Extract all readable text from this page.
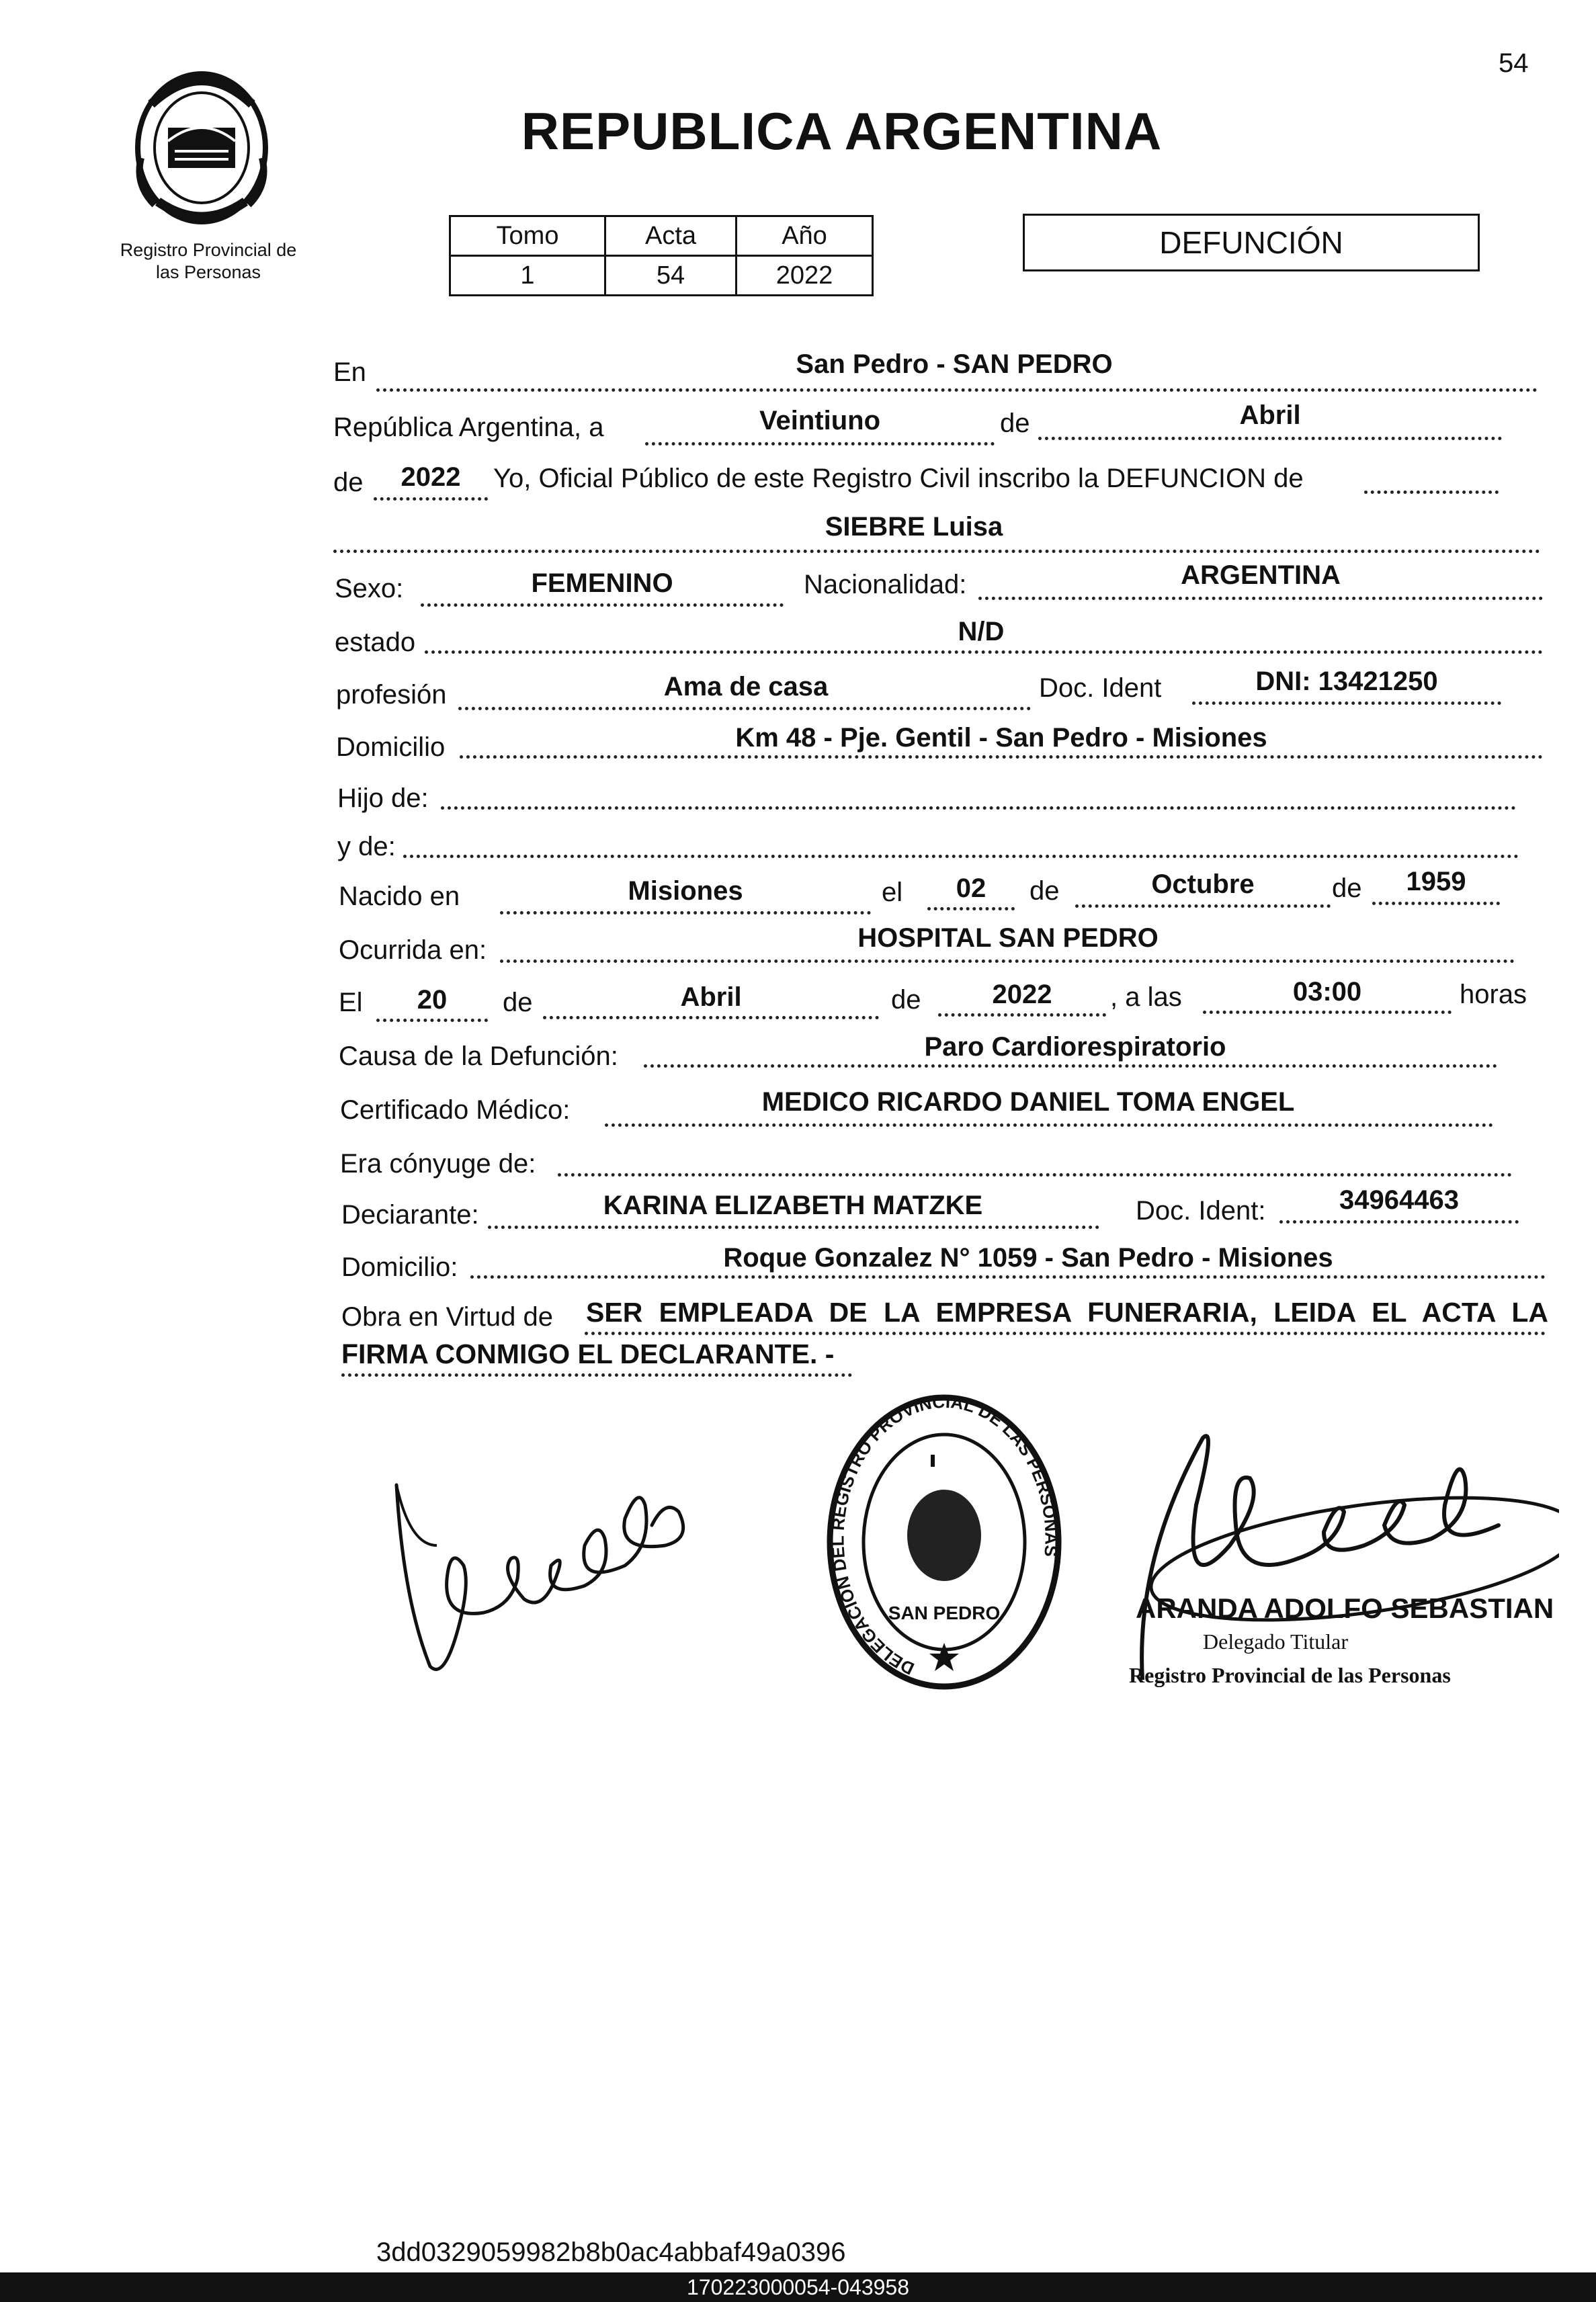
54
Registro Provincial de
las Personas
REPUBLICA ARGENTINA
Tomo	Acta	Año
1	54	2022
DEFUNCIÓN
En	San Pedro - SAN PEDRO
República Argentina, a	Veintiuno	de	Abril
de	2022	Yo, Oficial Público de este Registro Civil inscribo la DEFUNCION de
SIEBRE Luisa
Sexo:	FEMENINO	Nacionalidad:	ARGENTINA
estado	N/D
profesión	Ama de casa	Doc. Ident	DNI: 13421250
Domicilio	Km 48 - Pje. Gentil - San Pedro - Misiones
Hijo de:
y de:
Nacido en	Misiones	el	02	de	Octubre	de	1959
Ocurrida en:	HOSPITAL SAN PEDRO
El	20	de	Abril	de	2022	, a las	03:00	horas
Causa de la Defunción:	Paro Cardiorespiratorio
Certificado Médico:	MEDICO RICARDO DANIEL TOMA ENGEL
Era cónyuge de:
Deciarante:	KARINA ELIZABETH MATZKE	Doc. Ident:	34964463
Domicilio:	Roque Gonzalez N° 1059 - San Pedro - Misiones
Obra en Virtud de	SER EMPLEADA DE LA EMPRESA FUNERARIA, LEIDA EL ACTA LA FIRMA CONMIGO EL DECLARANTE. -
DELEGACION DEL REGISTRO PROVINCIAL DE LAS PERSONAS
SAN PEDRO	ARANDA ADOLFO SEBASTIAN
Delegado Titular
Registro Provincial de las Personas
3dd0329059982b8b0ac4abbaf49a0396
170223000054-043958
